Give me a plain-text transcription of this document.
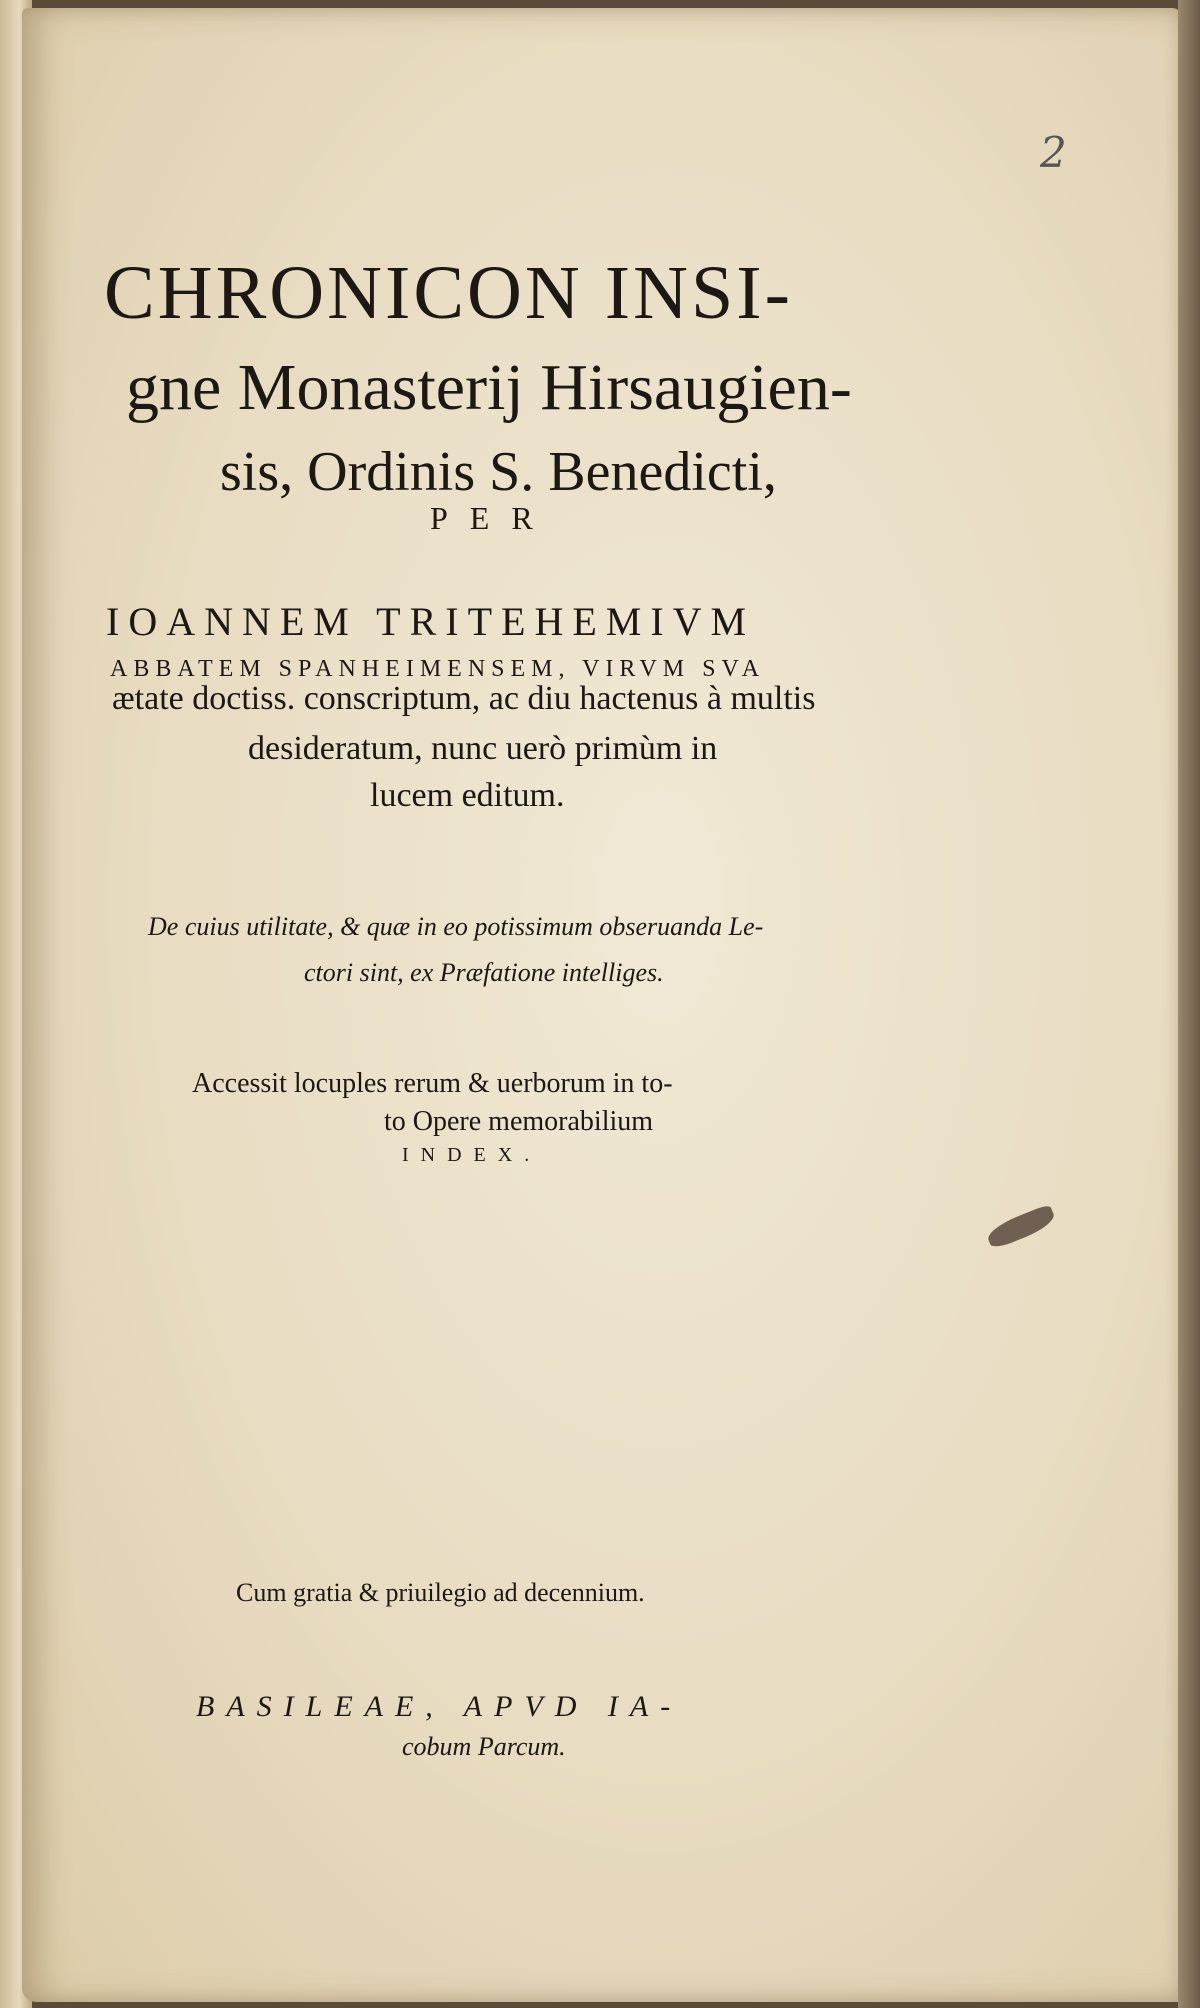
2

CHRONICON INSI-

gne Monasterij Hirsaugien-

sis, Ordinis S. Benedicti,

PER

IOANNEM TRITEHEMIVM

ABBATEM SPANHEIMENSEM, VIRVM SVA

ætate doctiss. conscriptum, ac diu hactenus à multis

desideratum, nunc uerò primùm in

lucem editum.

De cuius utilitate, & quæ in eo potissimum obseruanda Le-

ctori sint, ex Præfatione intelliges.

Accessit locuples rerum & uerborum in to-

to Opere memorabilium

INDEX.

Cum gratia & priuilegio ad decennium.

BASILEAE, APVD IA-

cobum Parcum.
